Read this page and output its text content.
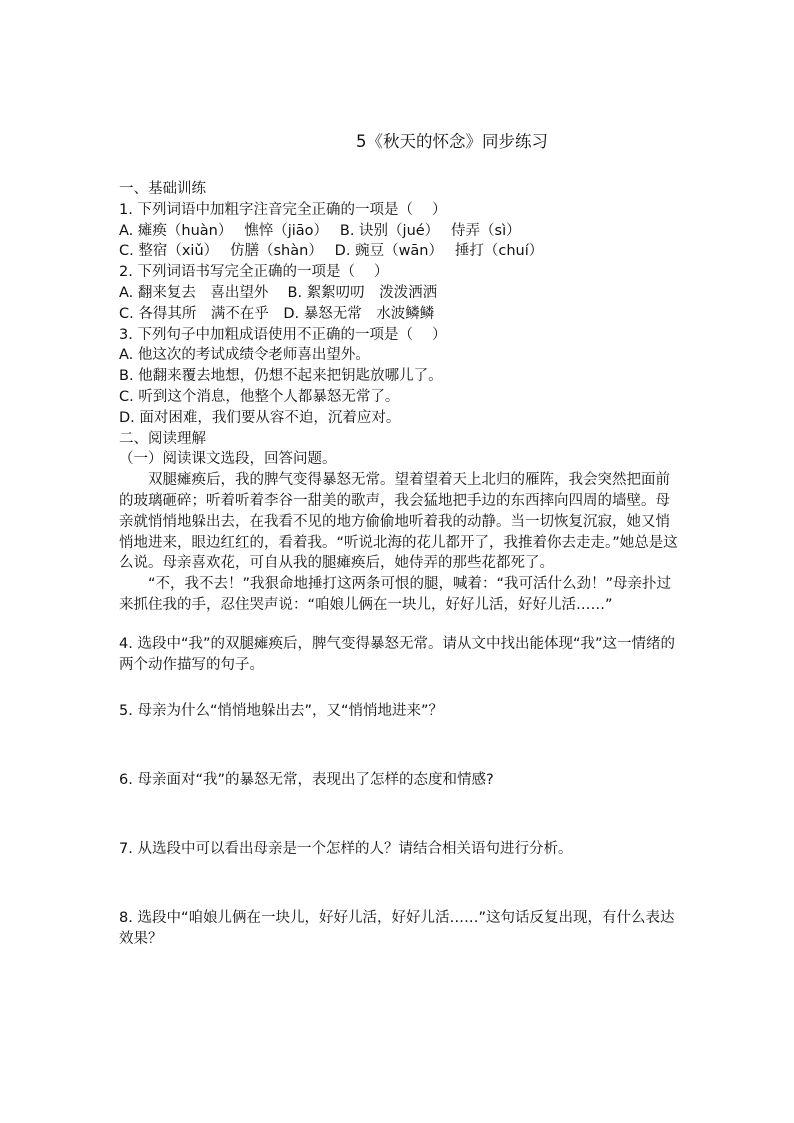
5《秋天的怀念》同步练习
一、基础训练
1. 下列词语中加粗字注音完全正确的一项是（　 ）
A. 瘫痪（huàn）　 憔悴（jiāo）　 B. 诀别（jué）　 侍弄（sì）
C. 整宿（xiǔ）　 仿膳（shàn）　 D. 豌豆（wān）　 捶打（chuí）
2. 下列词语书写完全正确的一项是（　 ）
A. 翻来复去　喜出望外　 B. 絮絮叨叨　泼泼洒洒
C. 各得其所　满不在乎　D. 暴怒无常　水波鳞鳞
3. 下列句子中加粗成语使用不正确的一项是（　 ）
A. 他这次的考试成绩令老师喜出望外。
B. 他翻来覆去地想，仍想不起来把钥匙放哪儿了。
C. 听到这个消息，他整个人都暴怒无常了。
D. 面对困难，我们要从容不迫，沉着应对。
二、阅读理解
（一）阅读课文选段，回答问题。

双腿瘫痪后，我的脾气变得暴怒无常。望着望着天上北归的雁阵，我会突然把面前的玻璃砸碎；听着听着李谷一甜美的歌声，我会猛地把手边的东西摔向四周的墙壁。母亲就悄悄地躲出去，在我看不见的地方偷偷地听着我的动静。当一切恢复沉寂，她又悄悄地进来，眼边红红的，看着我。“听说北海的花儿都开了，我推着你去走走。”她总是这么说。母亲喜欢花，可自从我的腿瘫痪后，她侍弄的那些花都死了。

“不，我不去！”我狠命地捶打这两条可恨的腿，喊着：“我可活什么劲！”母亲扑过来抓住我的手，忍住哭声说：“咱娘儿俩在一块儿，好好儿活，好好儿活……”

4. 选段中“我”的双腿瘫痪后，脾气变得暴怒无常。请从文中找出能体现“我”这一情绪的两个动作描写的句子。
5. 母亲为什么“悄悄地躲出去”，又“悄悄地进来”？
6. 母亲面对“我”的暴怒无常，表现出了怎样的态度和情感?
7. 从选段中可以看出母亲是一个怎样的人？请结合相关语句进行分析。
8. 选段中“咱娘儿俩在一块儿，好好儿活，好好儿活……”这句话反复出现，有什么表达效果？
